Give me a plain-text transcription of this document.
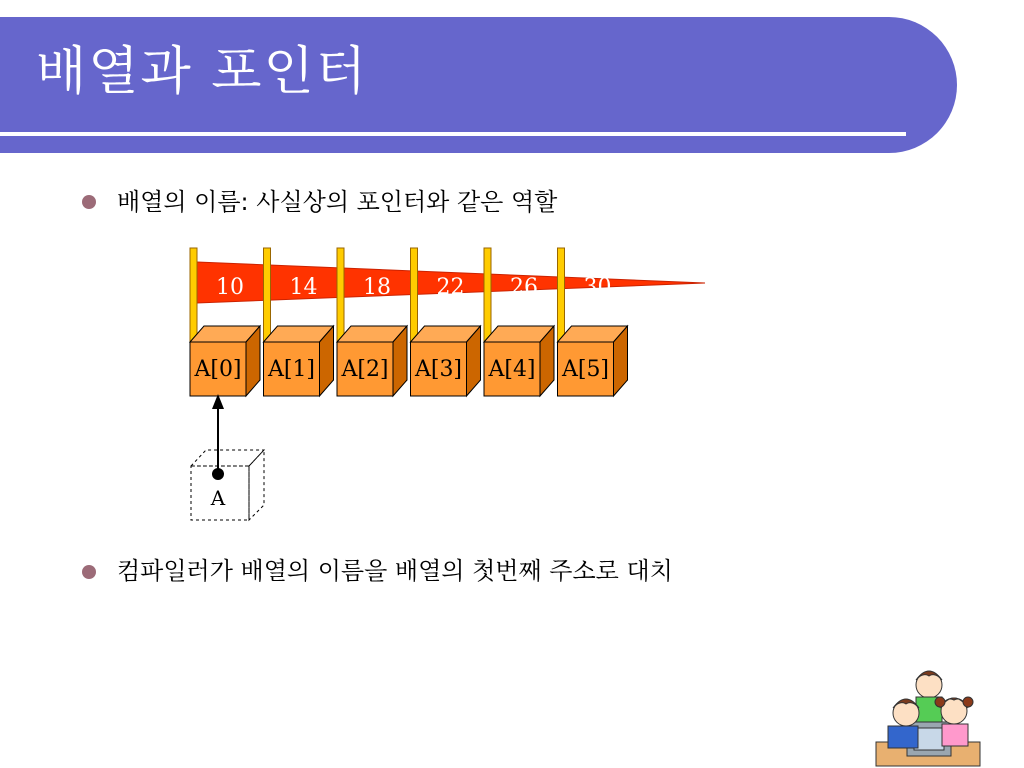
배열과 포인터
배열의 이름: 사실상의 포인터와 같은 역할
10 14 18 22 26 30
A[0] A[1] A[2] A[3] A[4] A[5]
A
컴파일러가 배열의 이름을 배열의 첫번째 주소로 대치
